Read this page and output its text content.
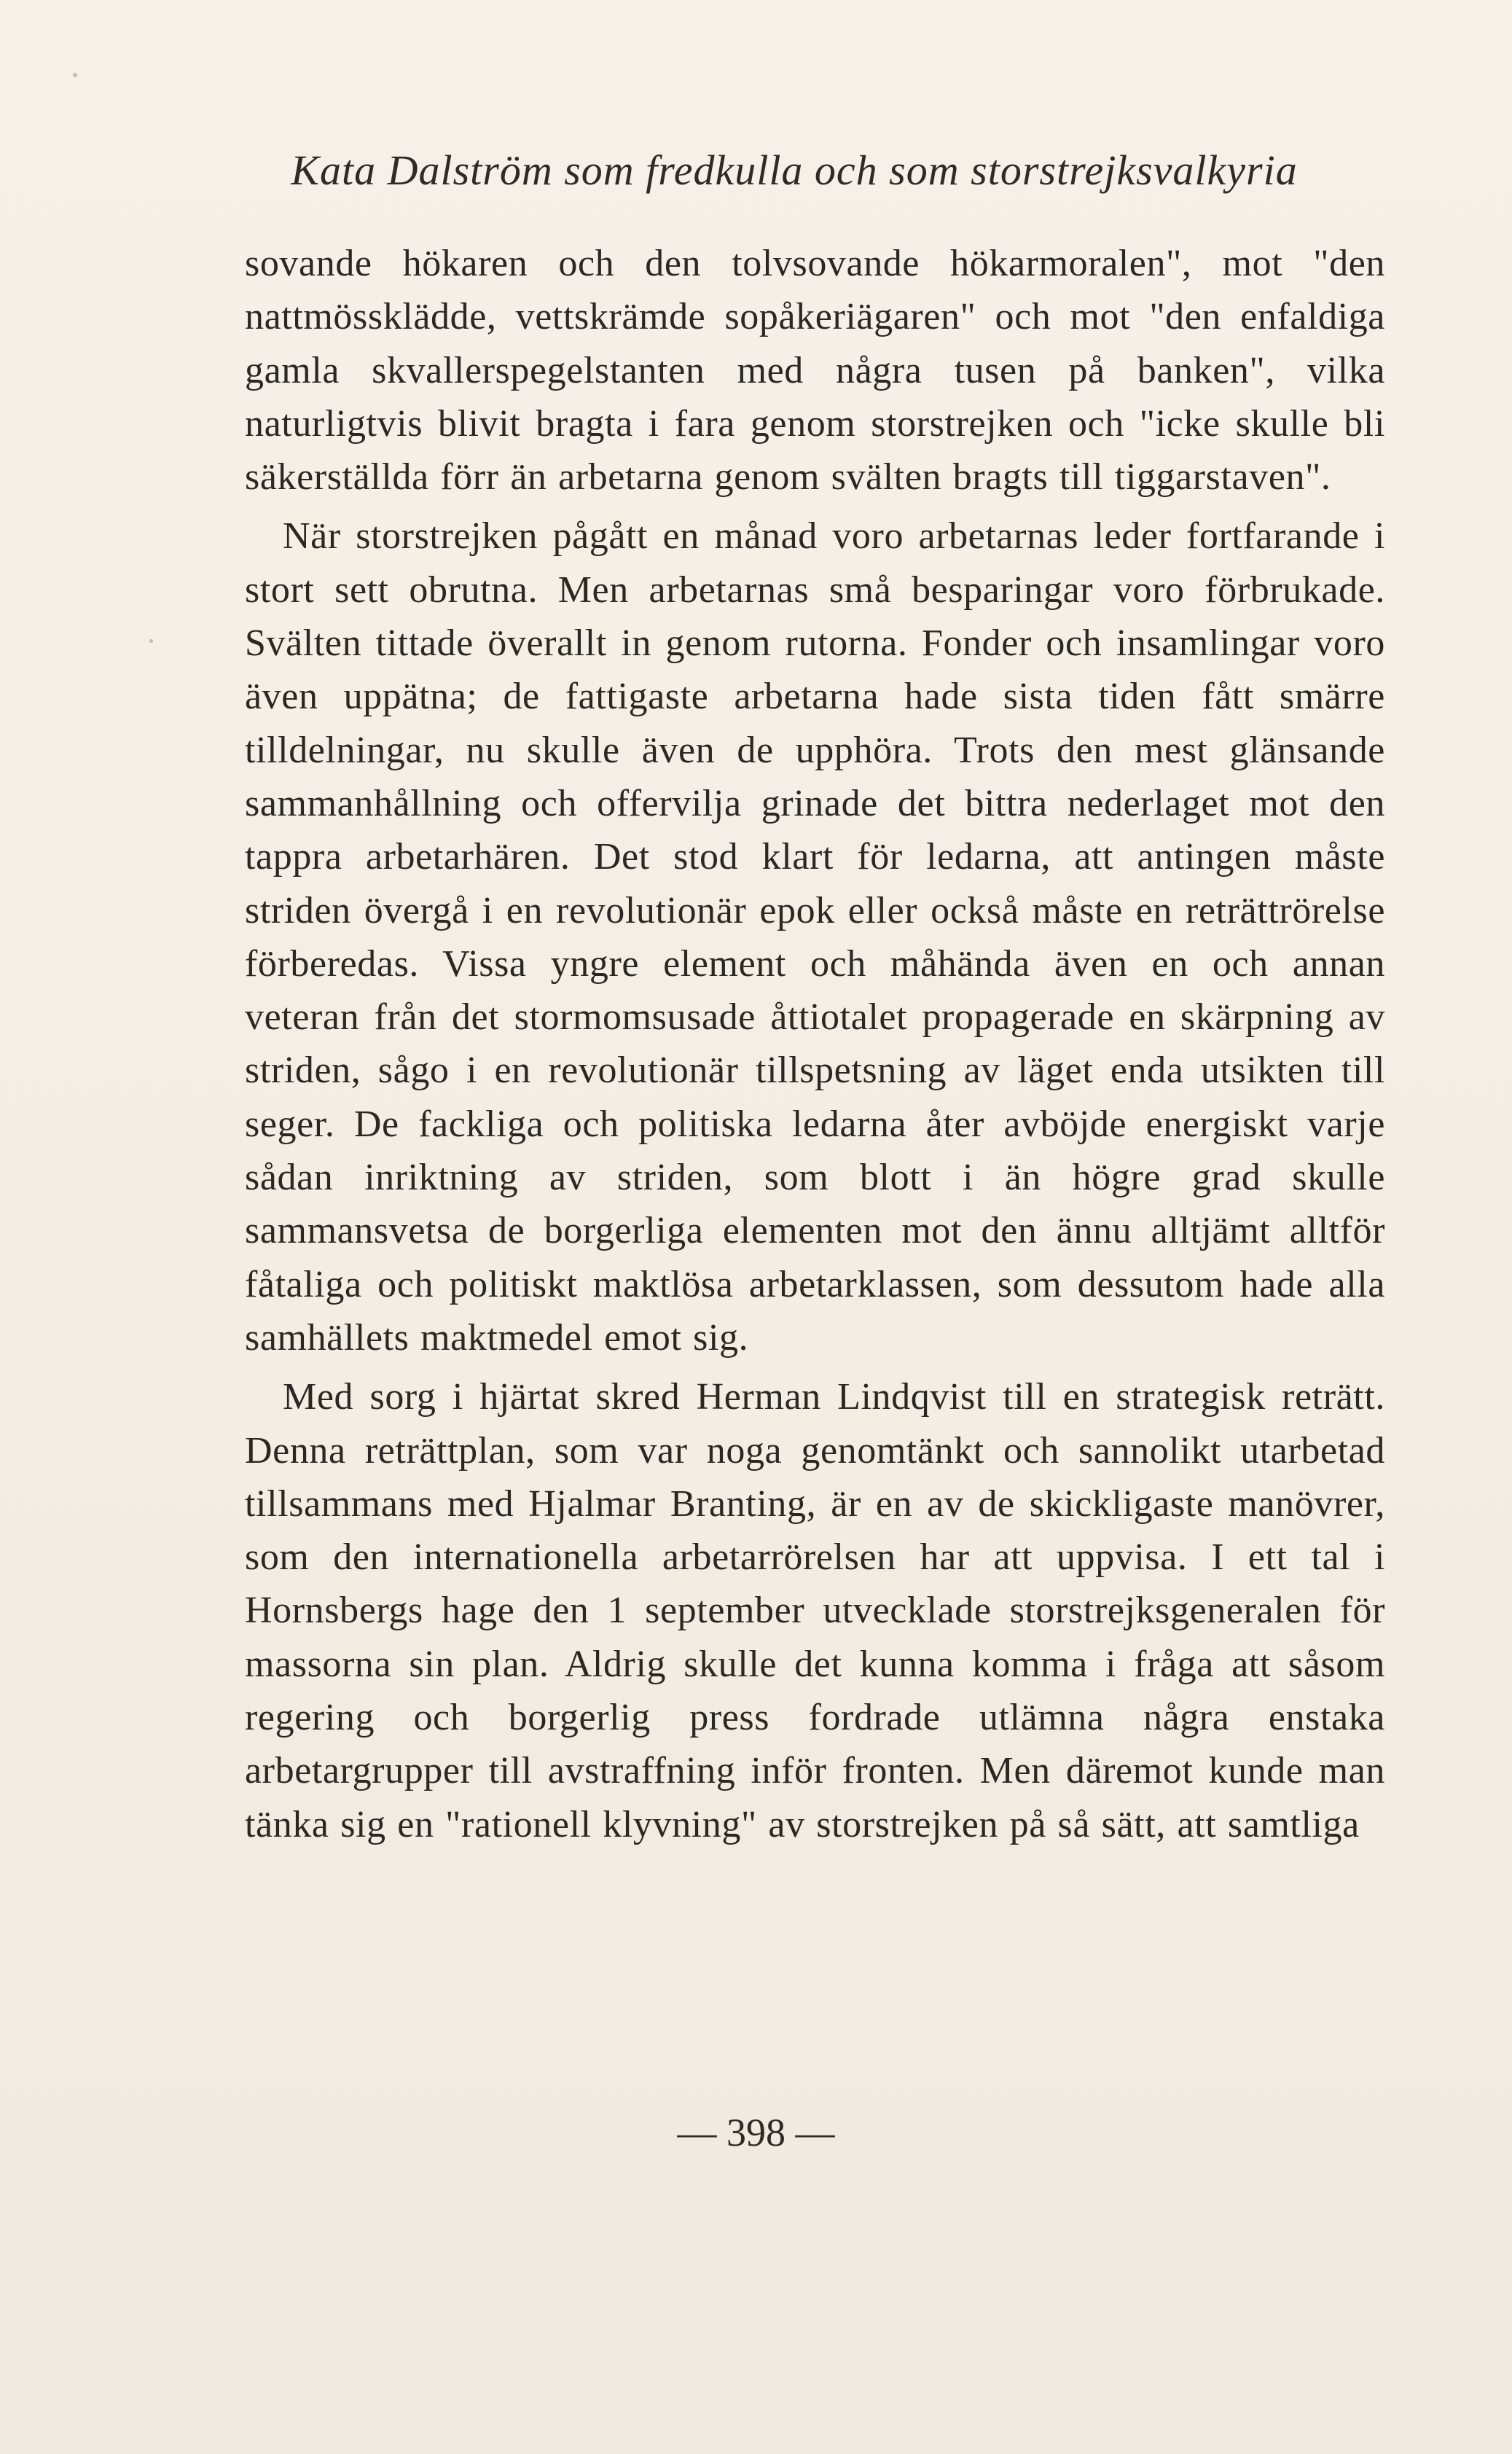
Kata Dalström som fredkulla och som storstrejksvalkyria

sovande hökaren och den tolvsovande hökarmoralen", mot "den nattmössklädde, vettskrämde sopåkeriägaren" och mot "den enfaldiga gamla skvallerspegelstanten med några tusen på banken", vilka naturligtvis blivit bragta i fara genom storstrejken och "icke skulle bli säkerställda förr än arbetarna genom svälten bragts till tiggarstaven".

När storstrejken pågått en månad voro arbetarnas leder fortfarande i stort sett obrutna. Men arbetarnas små besparingar voro förbrukade. Svälten tittade överallt in genom rutorna. Fonder och insamlingar voro även uppätna; de fattigaste arbetarna hade sista tiden fått smärre tilldelningar, nu skulle även de upphöra. Trots den mest glänsande sammanhållning och offervilja grinade det bittra nederlaget mot den tappra arbetarhären. Det stod klart för ledarna, att antingen måste striden övergå i en revolutionär epok eller också måste en reträttrörelse förberedas. Vissa yngre element och måhända även en och annan veteran från det stormomsusade åttiotalet propagerade en skärpning av striden, sågo i en revolutionär tillspetsning av läget enda utsikten till seger. De fackliga och politiska ledarna åter avböjde energiskt varje sådan inriktning av striden, som blott i än högre grad skulle sammansvetsa de borgerliga elementen mot den ännu alltjämt alltför fåtaliga och politiskt maktlösa arbetarklassen, som dessutom hade alla samhällets maktmedel emot sig.

Med sorg i hjärtat skred Herman Lindqvist till en strategisk reträtt. Denna reträttplan, som var noga genomtänkt och sannolikt utarbetad tillsammans med Hjalmar Branting, är en av de skickligaste manövrer, som den internationella arbetarrörelsen har att uppvisa. I ett tal i Hornsbergs hage den 1 september utvecklade storstrejksgeneralen för massorna sin plan. Aldrig skulle det kunna komma i fråga att såsom regering och borgerlig press fordrade utlämna några enstaka arbetargrupper till avstraffning inför fronten. Men däremot kunde man tänka sig en "rationell klyvning" av storstrejken på så sätt, att samtliga

— 398 —
